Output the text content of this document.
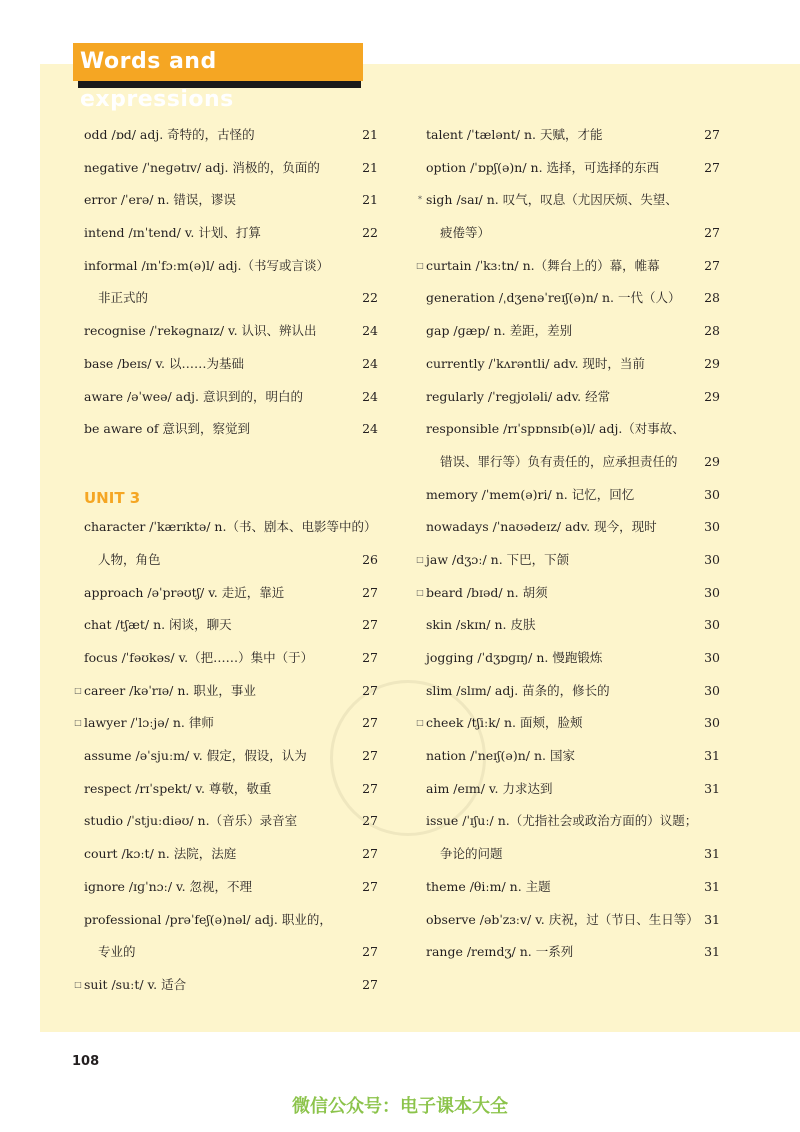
Words and expressions
odd /ɒd/ adj. 奇特的，古怪的	21
negative /ˈneɡətɪv/ adj. 消极的，负面的	21
error /ˈerə/ n. 错误，谬误	21
intend /ɪnˈtend/ v. 计划、打算	22
informal /ɪnˈfɔːm(ə)l/ adj.（书写或言谈）
非正式的	22
recognise /ˈrekəɡnaɪz/ v. 认识、辨认出	24
base /beɪs/ v. 以……为基础	24
aware /əˈweə/ adj. 意识到的，明白的	24
be aware of 意识到，察觉到	24
UNIT 3
character /ˈkærɪktə/ n.（书、剧本、电影等中的）
人物，角色	26
approach /əˈprəʊtʃ/ v. 走近，靠近	27
chat /tʃæt/ n. 闲谈，聊天	27
focus /ˈfəʊkəs/ v.（把……）集中（于）	27
□ career /kəˈrɪə/ n. 职业，事业	27
□ lawyer /ˈlɔːjə/ n. 律师	27
assume /əˈsjuːm/ v. 假定，假设，认为	27
respect /rɪˈspekt/ v. 尊敬，敬重	27
studio /ˈstjuːdiəʊ/ n.（音乐）录音室	27
court /kɔːt/ n. 法院，法庭	27
ignore /ɪɡˈnɔː/ v. 忽视，不理	27
professional /prəˈfeʃ(ə)nəl/ adj. 职业的，
专业的	27
□ suit /suːt/ v. 适合	27
talent /ˈtælənt/ n. 天赋，才能	27
option /ˈɒpʃ(ə)n/ n. 选择，可选择的东西	27
* sigh /saɪ/ n. 叹气，叹息（尤因厌烦、失望、
疲倦等）	27
□ curtain /ˈkɜːtn/ n.（舞台上的）幕，帷幕	27
generation /ˌdʒenəˈreɪʃ(ə)n/ n. 一代（人） 28
gap /ɡæp/ n. 差距，差别	28
currently /ˈkʌrəntli/ adv. 现时，当前	29
regularly /ˈreɡjʊləli/ adv. 经常	29
responsible /rɪˈspɒnsɪb(ə)l/ adj.（对事故、
错误、罪行等）负有责任的，应承担责任的 29
memory /ˈmem(ə)ri/ n. 记忆，回忆	30
nowadays /ˈnaʊədeɪz/ adv. 现今，现时	30
□ jaw /dʒɔː/ n. 下巴，下颌	30
□ beard /bɪəd/ n. 胡须	30
skin /skɪn/ n. 皮肤	30
jogging /ˈdʒɒɡɪŋ/ n. 慢跑锻炼	30
slim /slɪm/ adj. 苗条的，修长的	30
□ cheek /tʃiːk/ n. 面颊，脸颊	30
nation /ˈneɪʃ(ə)n/ n. 国家	31
aim /eɪm/ v. 力求达到	31
issue /ˈɪʃuː/ n.（尤指社会或政治方面的）议题；
争论的问题	31
theme /θiːm/ n. 主题	31
observe /əbˈzɜːv/ v. 庆祝，过（节日、生日等） 31
range /reɪndʒ/ n. 一系列	31
108
微信公众号：电子课本大全
